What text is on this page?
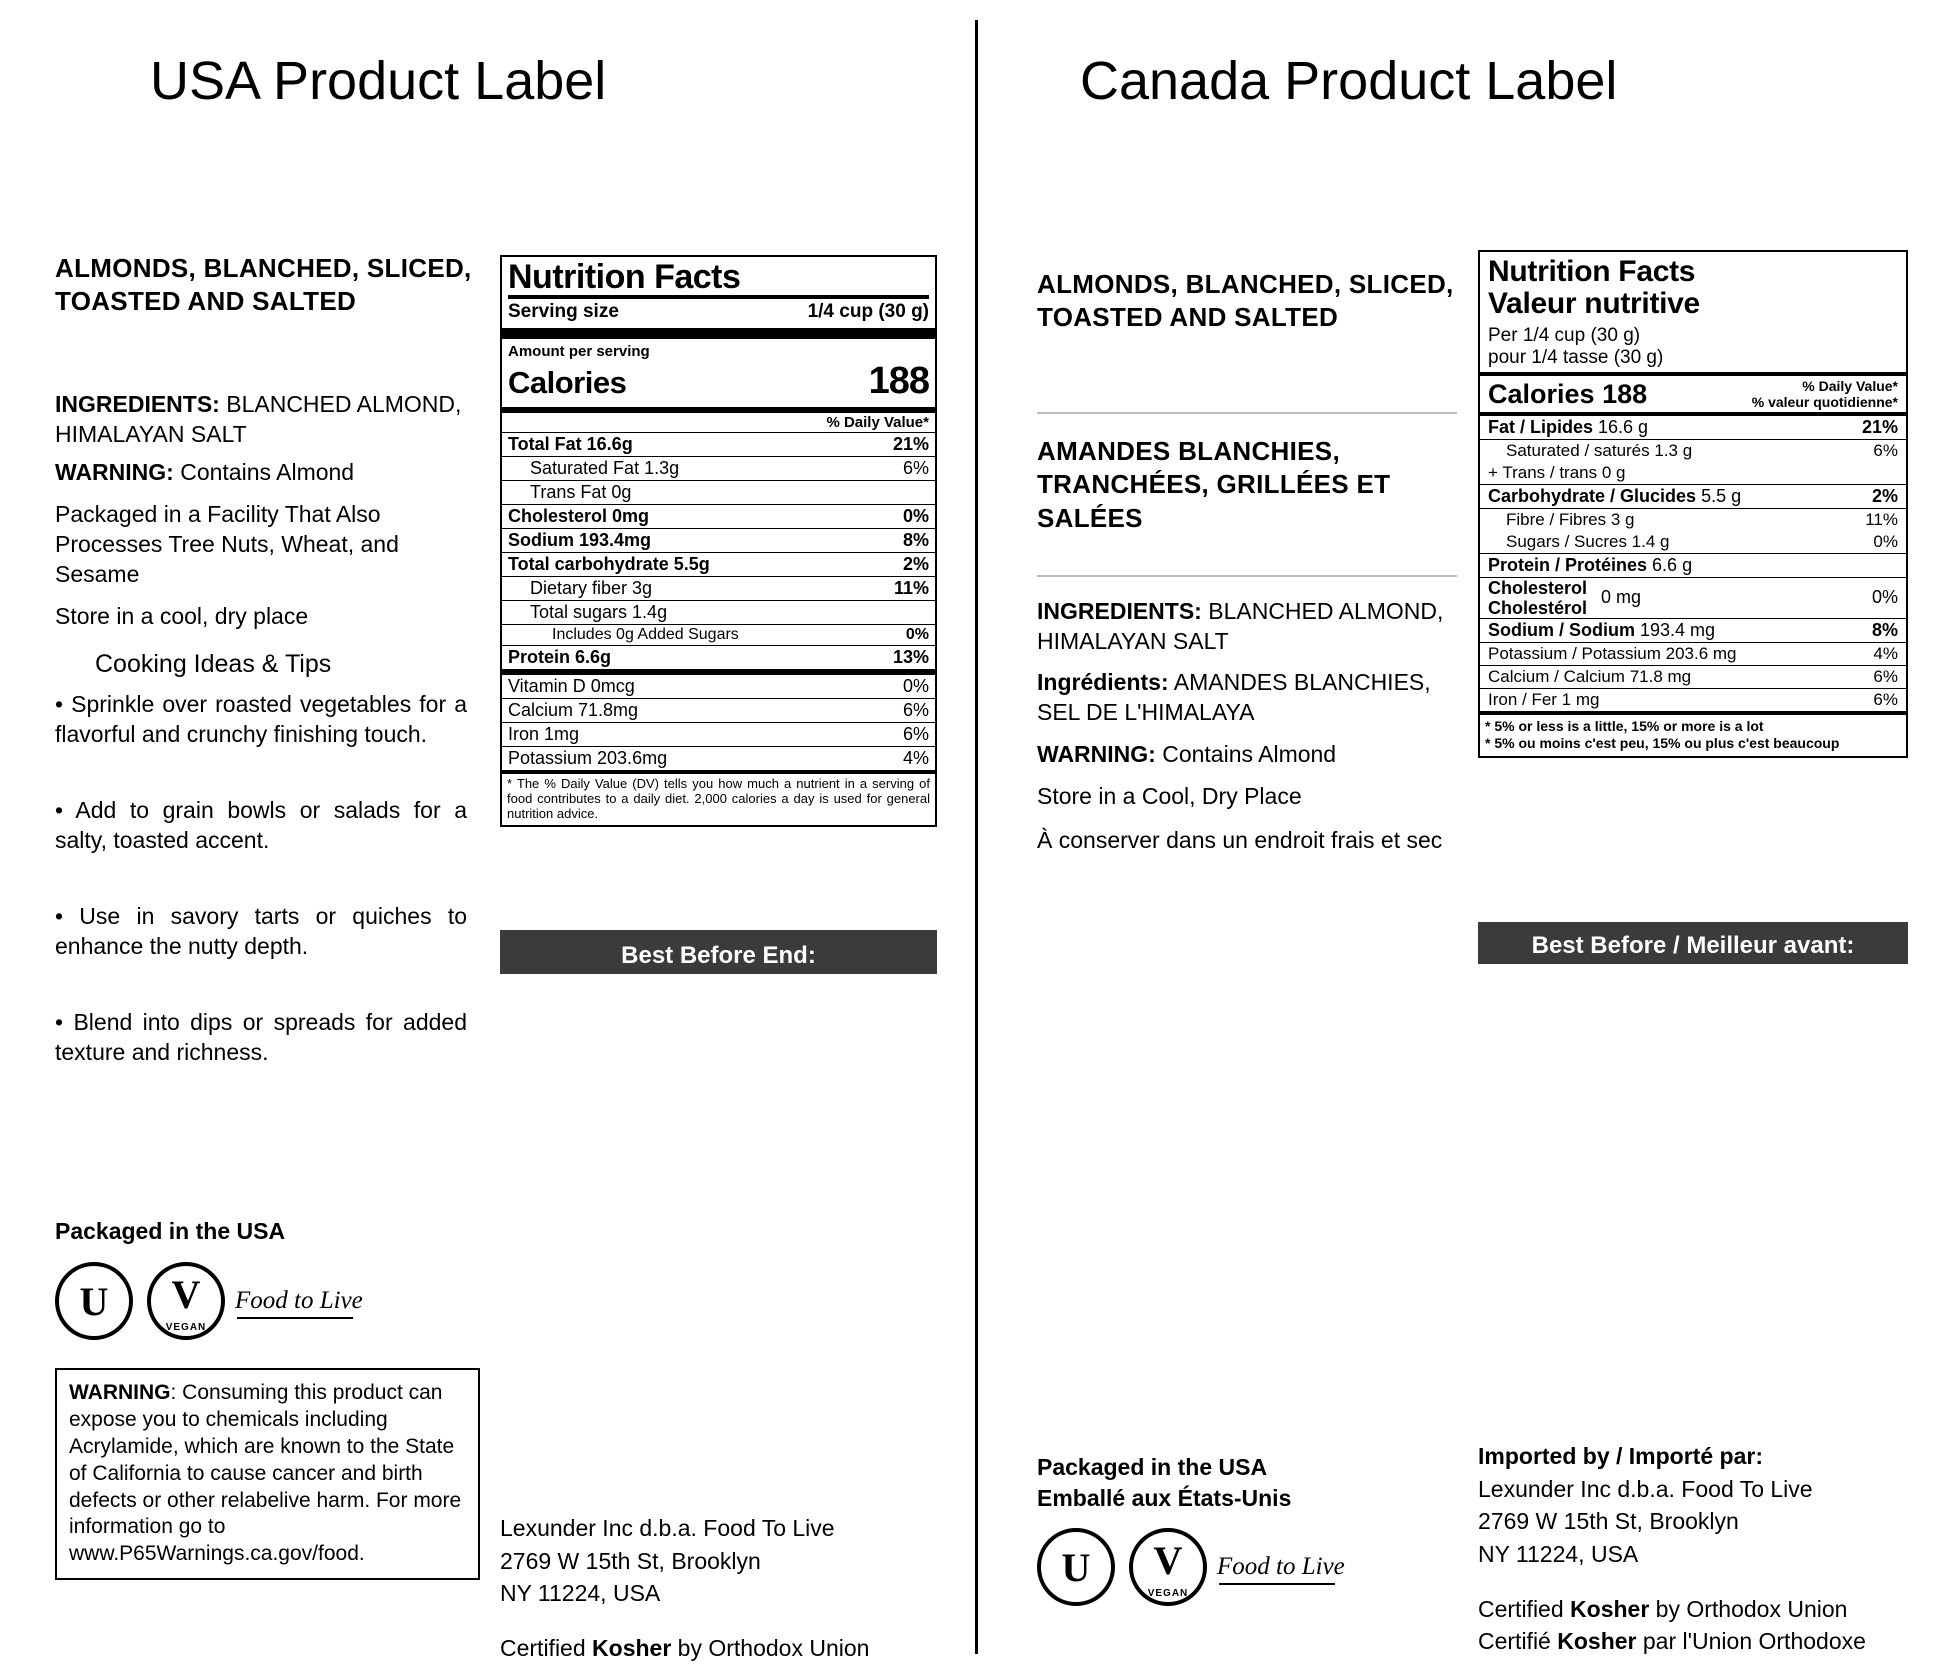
USA Product Label	Canada Product Label
ALMONDS, BLANCHED, SLICED, TOASTED AND SALTED
INGREDIENTS: BLANCHED ALMOND, HIMALAYAN SALT
WARNING: Contains Almond
Packaged in a Facility That Also Processes Tree Nuts, Wheat, and Sesame
Store in a cool, dry place
Cooking Ideas & Tips
• Sprinkle over roasted vegetables for a flavorful and crunchy finishing touch.
• Add to grain bowls or salads for a salty, toasted accent.
• Use in savory tarts or quiches to enhance the nutty depth.
• Blend into dips or spreads for added texture and richness.
Packaged in the USA
U V
VEGAN
Food to Live
WARNING: Consuming this product can expose you to chemicals including Acrylamide, which are known to the State of California to cause cancer and birth defects or other relabelive harm. For more information go to www.P65Warnings.ca.gov/food.
Lexunder Inc d.b.a. Food To Live
2769 W 15th St, Brooklyn
NY 11224, USA
Certified Kosher by Orthodox Union
Nutrition Facts
Serving size	1/4 cup (30 g)
Amount per serving
Calories	188
% Daily Value*
Total Fat 16.6g	21%
Saturated Fat 1.3g	6%
Trans Fat 0g
Cholesterol 0mg	0%
Sodium 193.4mg	8%
Total carbohydrate 5.5g	2%
Dietary fiber 3g	11%
Total sugars 1.4g
Includes 0g Added Sugars	0%
Protein 6.6g	13%
Vitamin D 0mcg	0%
Calcium 71.8mg	6%
Iron 1mg	6%
Potassium 203.6mg	4%
* The % Daily Value (DV) tells you how much a nutrient in a serving of food contributes to a daily diet. 2,000 calories a day is used for general nutrition advice.
Best Before End:
ALMONDS, BLANCHED, SLICED, TOASTED AND SALTED
AMANDES BLANCHIES, TRANCHÉES, GRILLÉES ET SALÉES
INGREDIENTS: BLANCHED ALMOND, HIMALAYAN SALT
Ingrédients: AMANDES BLANCHIES, SEL DE L'HIMALAYA
WARNING: Contains Almond
Store in a Cool, Dry Place
À conserver dans un endroit frais et sec
Packaged in the USA
Emballé aux États-Unis
U V
VEGAN
Food to Live
Imported by / Importé par:
Lexunder Inc d.b.a. Food To Live
2769 W 15th St, Brooklyn
NY 11224, USA
Certified Kosher by Orthodox Union
Certifié Kosher par l'Union Orthodoxe
Nutrition Facts
Valeur nutritive
Per 1/4 cup (30 g)
pour 1/4 tasse (30 g)
Calories 188	% Daily Value*
% valeur quotidienne*
Fat / Lipides 16.6 g	21%
Saturated / saturés 1.3 g	6%
+ Trans / trans 0 g
Carbohydrate / Glucides 5.5 g	2%
Fibre / Fibres 3 g	11%
Sugars / Sucres 1.4 g	0%
Protein / Protéines 6.6 g
Cholesterol
Cholestérol
0 mg	0%
Sodium / Sodium 193.4 mg	8%
Potassium / Potassium 203.6 mg	4%
Calcium / Calcium 71.8 mg	6%
Iron / Fer 1 mg	6%
* 5% or less is a little, 15% or more is a lot
* 5% ou moins c'est peu, 15% ou plus c'est beaucoup
Best Before / Meilleur avant:
